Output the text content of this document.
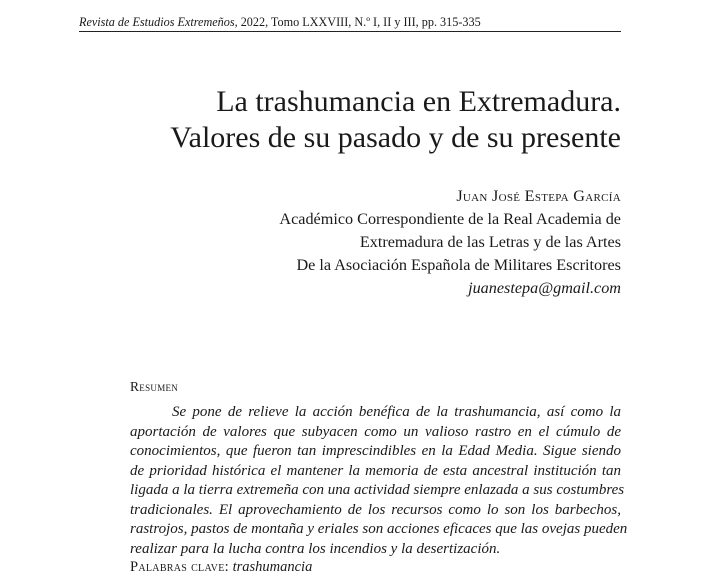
Revista de Estudios Extremeños, 2022, Tomo LXXVIII, N.º I, II y III, pp. 315-335
La trashumancia en Extremadura.
Valores de su pasado y de su presente
Juan José Estepa García
Académico Correspondiente de la Real Academia de
Extremadura de las Letras y de las Artes
De la Asociación Española de Militares Escritores
juanestepa@gmail.com
Resumen
Se pone de relieve la acción benéfica de la trashumancia, así como la
aportación de valores que subyacen como un valioso rastro en el cúmulo de
conocimientos, que fueron tan imprescindibles en la Edad Media. Sigue siendo
de prioridad histórica el mantener la memoria de esta ancestral institución tan
ligada a la tierra extremeña con una actividad siempre enlazada a sus costumbres
tradicionales. El aprovechamiento de los recursos como lo son los barbechos,
rastrojos, pastos de montaña y eriales son acciones eficaces que las ovejas pueden
realizar para la lucha contra los incendios y la desertización.
Palabras clave: trashumancia
